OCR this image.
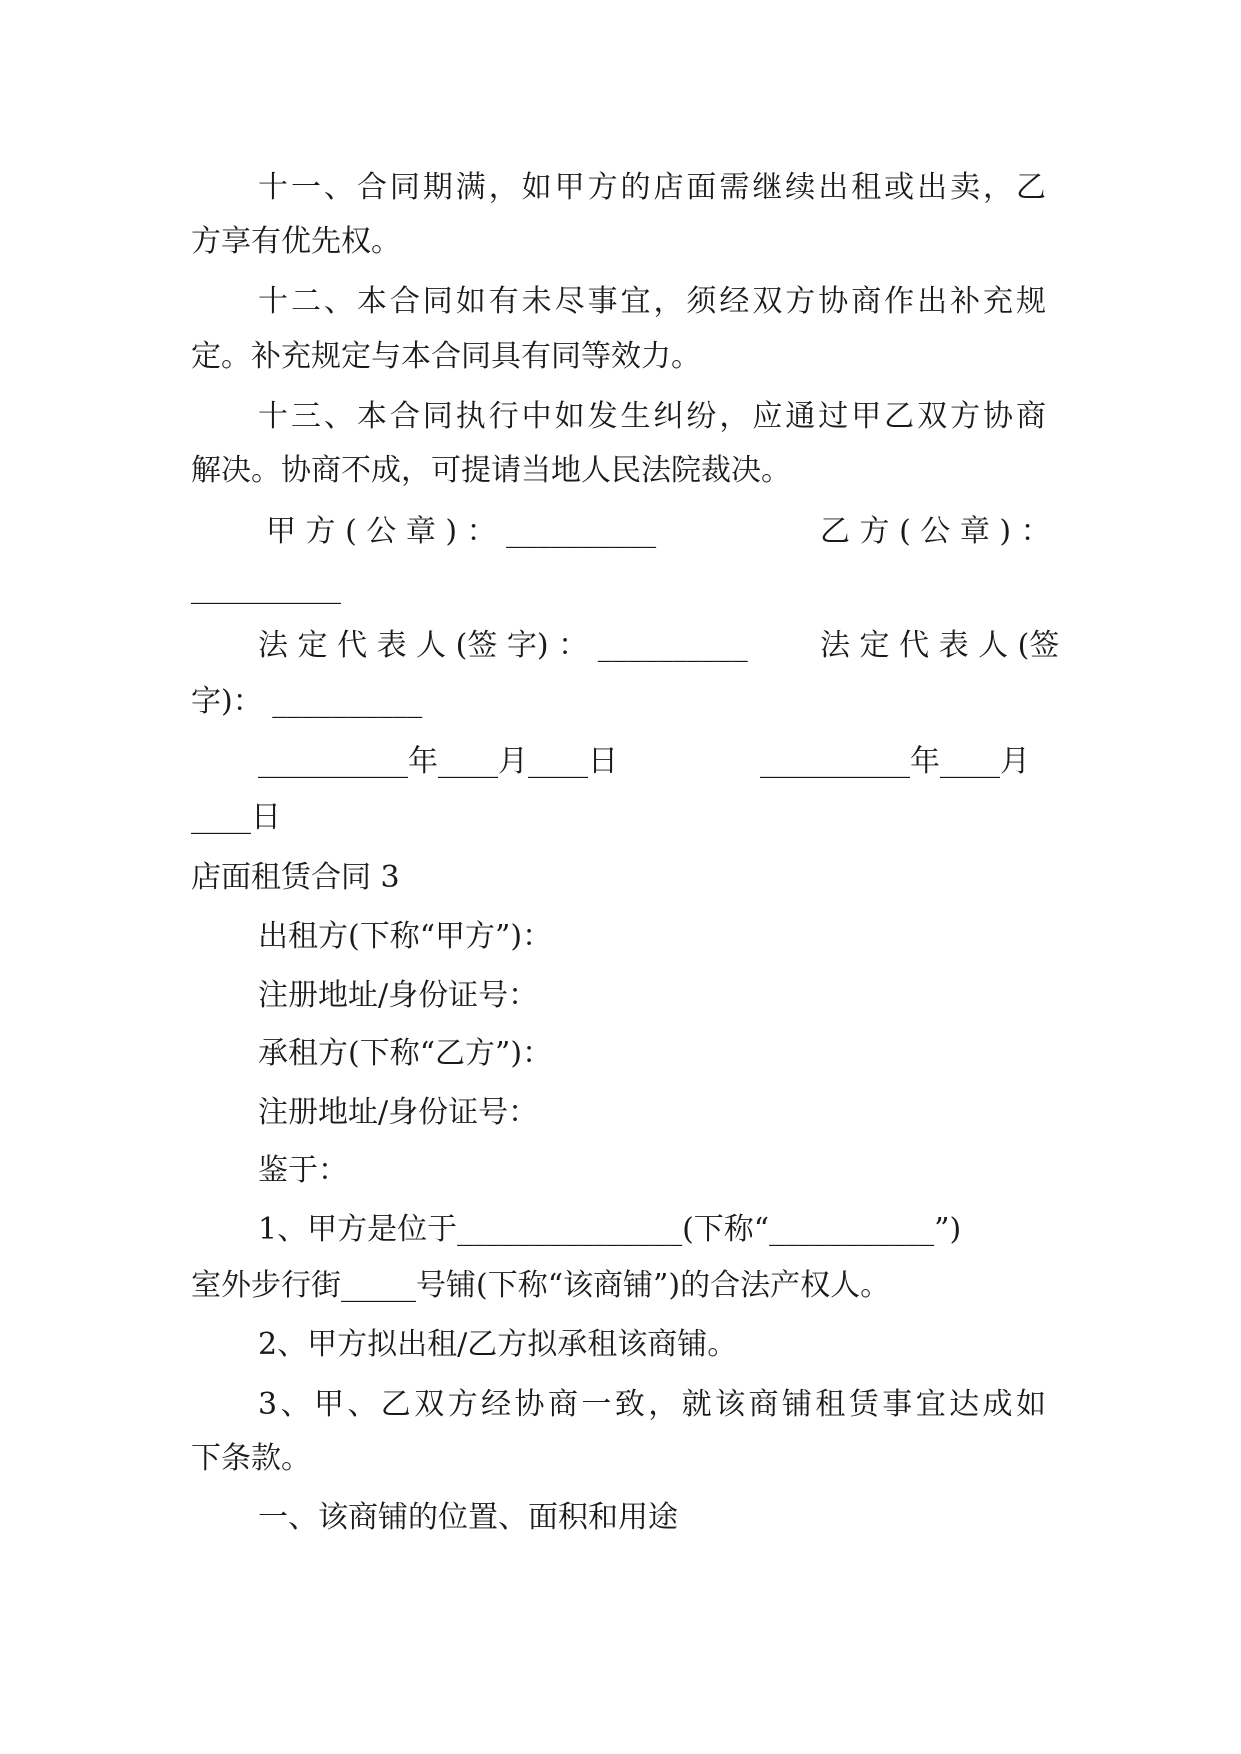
十一、合同期满，如甲方的店面需继续出租或出卖，乙

方享有优先权。

十二、本合同如有未尽事宜，须经双方协商作出补充规

定。补充规定与本合同具有同等效力。

十三、本合同执行中如发生纠纷，应通过甲乙双方协商

解决。协商不成，可提请当地人民法院裁决。

甲 方 ( 公 章 ) ： __________	乙 方 ( 公 章 ) ：

__________

法 定 代 表 人 (签 字) ： __________ 法 定 代 表 人 (签

字)： __________

__________年____月____日	__________年____月

____日

店面租赁合同 3

出租方(下称“甲方”)：

注册地址/身份证号：

承租方(下称“乙方”)：

注册地址/身份证号：

鉴于：

1、甲方是位于_______________(下称“___________”)

室外步行街_____号铺(下称“该商铺”)的合法产权人。

2、甲方拟出租/乙方拟承租该商铺。

3、甲、乙双方经协商一致，就该商铺租赁事宜达成如

下条款。

一、该商铺的位置、面积和用途
